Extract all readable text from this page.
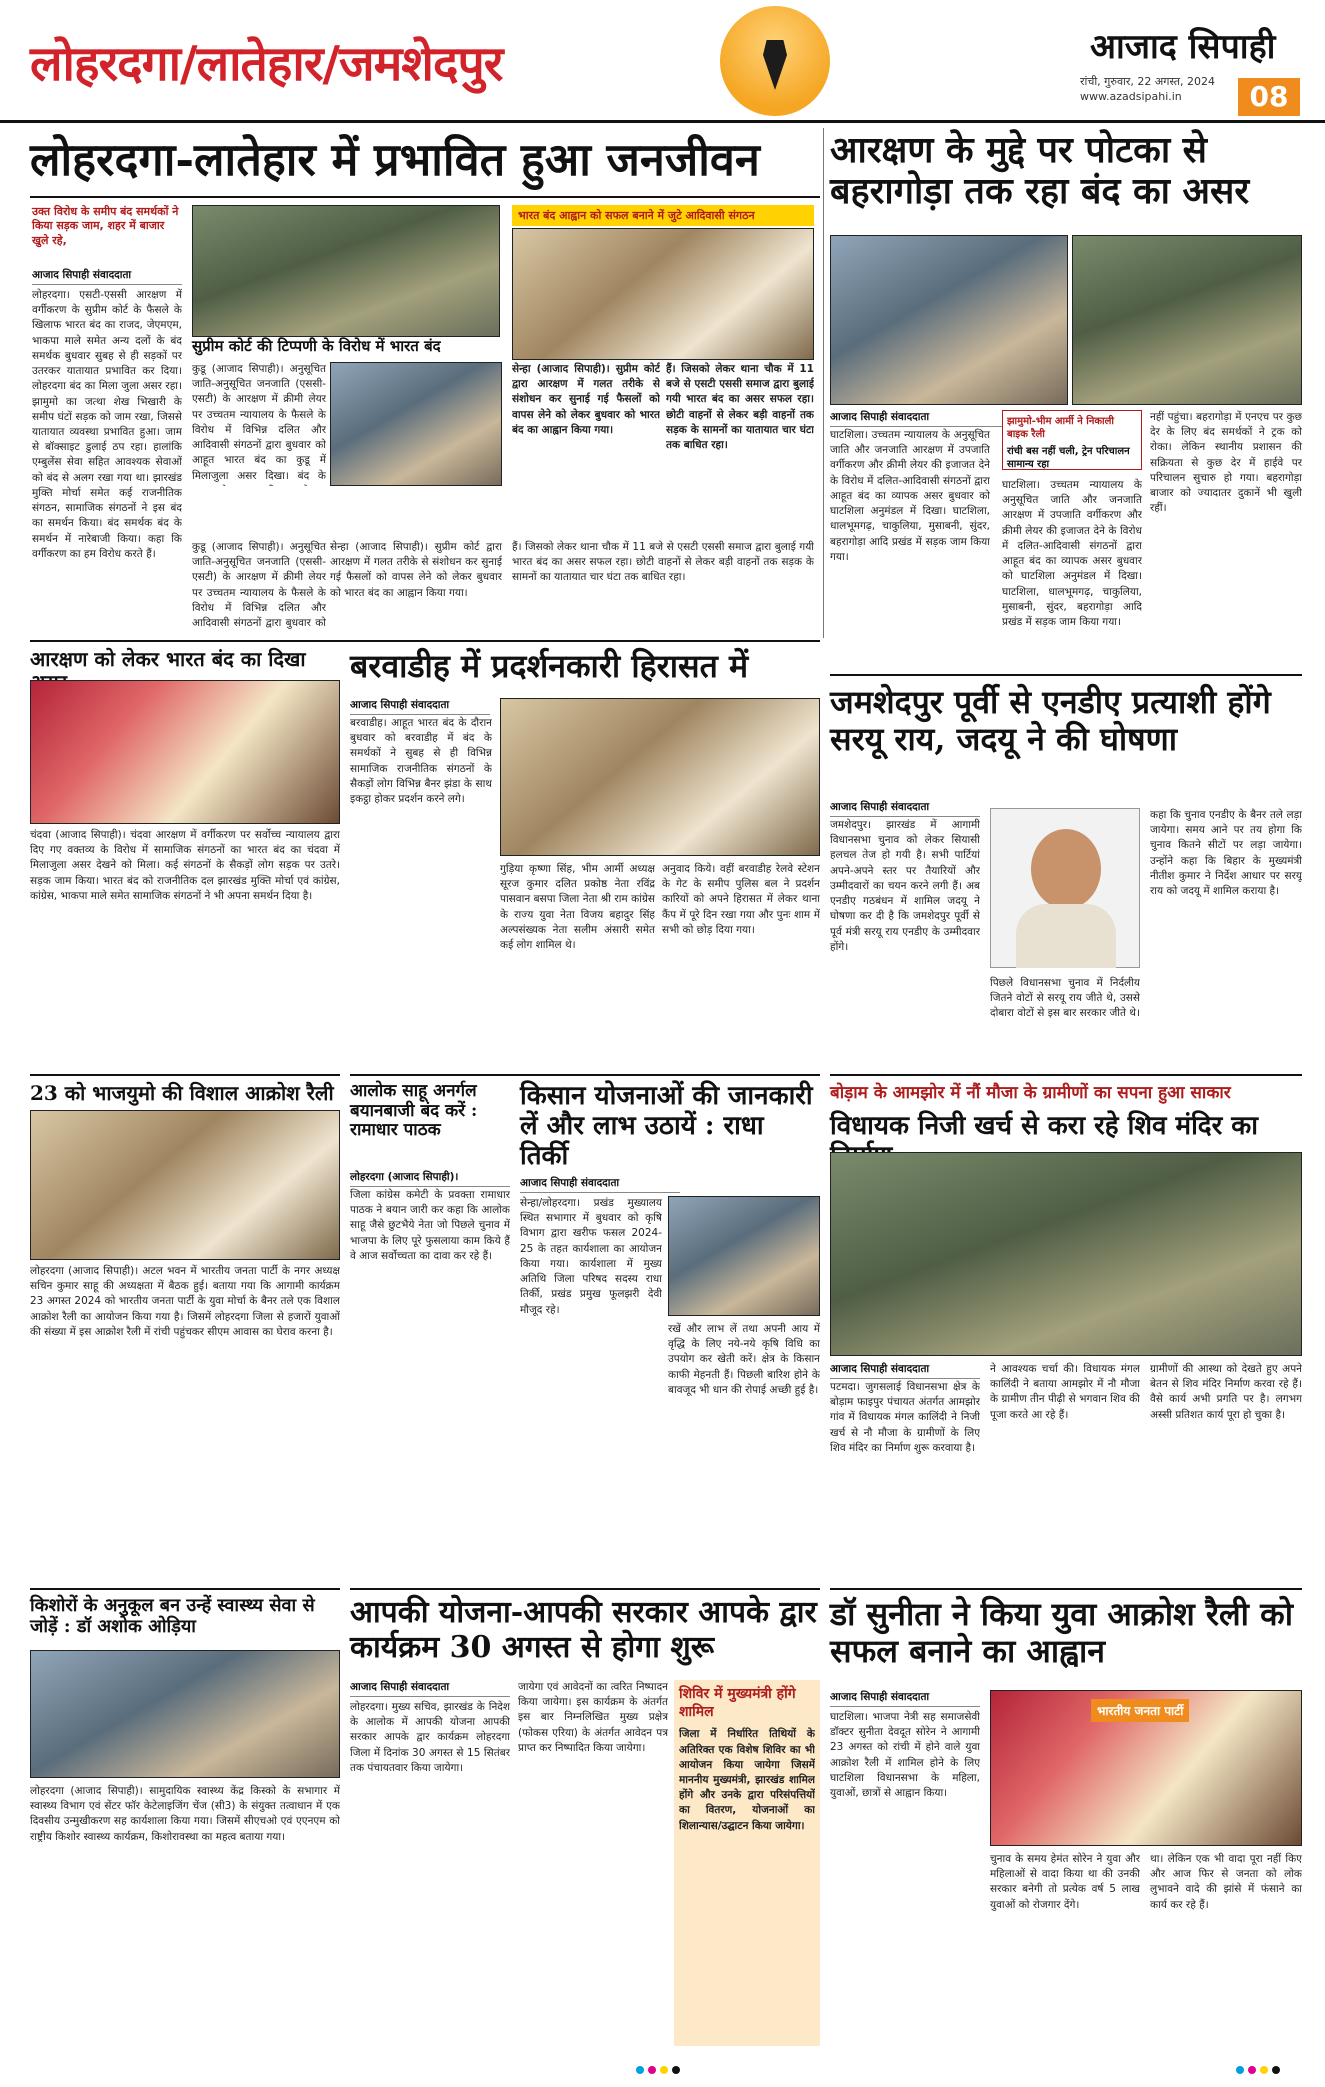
लोहरदगा/लातेहार/जमशेदपुर	आजाद सिपाही
रांची, गुरुवार, 22 अगस्त, 2024
www.azadsipahi.in	08
लोहरदगा-लातेहार में प्रभावित हुआ जनजीवन
उक्त विरोध के समीप बंद समर्थकों ने किया सड़क जाम, शहर में बाजार खुले रहे,
आजाद सिपाही संवाददाता
लोहरदगा। एसटी-एससी आरक्षण में वर्गीकरण के सुप्रीम कोर्ट के फैसले के खिलाफ भारत बंद का राजद, जेएमएम, भाकपा माले समेत अन्य दलों के बंद समर्थक बुधवार सुबह से ही सड़कों पर उतरकर यातायात प्रभावित कर दिया। लोहरदगा बंद का मिला जुला असर रहा। झामुमो का जत्था शेख भिखारी के समीप घंटों सड़क को जाम रखा, जिससे यातायात व्यवस्था प्रभावित हुआ। जाम से बॉक्साइट डुलाई ठप रहा। हालांकि एम्बुलेंस सेवा सहित आवश्यक सेवाओं को बंद से अलग रखा गया था। झारखंड मुक्ति मोर्चा समेत कई राजनीतिक संगठन, सामाजिक संगठनों ने इस बंद का समर्थन किया। बंद समर्थक बंद के समर्थन में नारेबाजी किया। कहा कि वर्गीकरण का हम विरोध करते हैं।
सुप्रीम कोर्ट की टिप्पणी के विरोध में भारत बंद
कुडू (आजाद सिपाही)। अनुसूचित जाति-अनुसूचित जनजाति (एससी-एसटी) के आरक्षण में क्रीमी लेयर पर उच्चतम न्यायालय के फैसले के विरोध में विभिन्न दलित और आदिवासी संगठनों द्वारा बुधवार को आहूत भारत बंद का कुडू में मिलाजुला असर दिखा। बंद के
कुडू (आजाद सिपाही)। अनुसूचित जाति-अनुसूचित जनजाति (एससी-एसटी) के आरक्षण में क्रीमी लेयर पर उच्चतम न्यायालय के फैसले के विरोध में विभिन्न दलित और आदिवासी संगठनों द्वारा बुधवार को
सेन्हा (आजाद सिपाही)। सुप्रीम कोर्ट द्वारा आरक्षण में गलत तरीके से संशोधन कर सुनाई गई फैसलों को वापस लेने को लेकर बुधवार को भारत बंद का आह्वान किया गया।
भारत बंद आह्वान को सफल बनाने में जुटे आदिवासी संगठन
सेन्हा (आजाद सिपाही)। सुप्रीम कोर्ट द्वारा आरक्षण में गलत तरीके से संशोधन कर सुनाई गई फैसलों को वापस लेने को लेकर बुधवार को भारत बंद का आह्वान किया गया।
हैं। जिसको लेकर थाना चौक में 11 बजे से एसटी एससी समाज द्वारा बुलाई गयी भारत बंद का असर सफल रहा। छोटी वाहनों से लेकर बड़ी वाहनों तक सड़क के सामनों का यातायात चार घंटा तक बाधित रहा।
हैं। जिसको लेकर थाना चौक में 11 बजे से एसटी एससी समाज द्वारा बुलाई गयी भारत बंद का असर सफल रहा। छोटी वाहनों से लेकर बड़ी वाहनों तक सड़क के सामनों का यातायात चार घंटा तक बाधित रहा।
आरक्षण के मुद्दे पर पोटका से बहरागोड़ा तक रहा बंद का असर
आजाद सिपाही संवाददाता
घाटशिला। उच्चतम न्यायालय के अनुसूचित जाति और जनजाति आरक्षण में उपजाति वर्गीकरण और क्रीमी लेयर की इजाजत देने के विरोध में दलित-आदिवासी संगठनों द्वारा आहूत बंद का व्यापक असर बुधवार को घाटशिला अनुमंडल में दिखा। घाटशिला, धालभूमगढ़, चाकुलिया, मुसाबनी, सुंदर, बहरागोड़ा आदि प्रखंड में सड़क जाम किया गया।
झामुमो-भीम आर्मी ने निकाली बाइक रैली
रांची बस नहीं चली, ट्रेन परिचालन सामान्य रहा
घाटशिला। उच्चतम न्यायालय के अनुसूचित जाति और जनजाति आरक्षण में उपजाति वर्गीकरण और क्रीमी लेयर की इजाजत देने के विरोध में दलित-आदिवासी संगठनों द्वारा आहूत बंद का व्यापक असर बुधवार को घाटशिला अनुमंडल में दिखा। घाटशिला, धालभूमगढ़, चाकुलिया, मुसाबनी, सुंदर, बहरागोड़ा आदि प्रखंड में सड़क जाम किया गया।
नहीं पहुंचा। बहरागोड़ा में एनएच पर कुछ देर के लिए बंद समर्थकों ने ट्रक को रोका। लेकिन स्थानीय प्रशासन की सक्रियता से कुछ देर में हाईवे पर परिचालन सुचारु हो गया। बहरागोड़ा बाजार को ज्यादातर दुकानें भी खुली रहीं।
आरक्षण को लेकर भारत बंद का दिखा
चंदवा (आजाद सिपाही)। चंदवा आरक्षण में वर्गीकरण पर सर्वोच्च न्यायालय द्वारा दिए गए वक्तव्य के विरोध में सामाजिक संगठनों का भारत बंद का चंदवा में मिलाजुला असर देखने को मिला। कई संगठनों के सैकड़ों लोग सड़क पर उतरे। सड़क जाम किया। भारत बंद को राजनीतिक दल झारखंड मुक्ति मोर्चा एवं कांग्रेस, कांग्रेस, भाकपा माले समेत सामाजिक संगठनों ने भी अपना समर्थन दिया है।
बरवाडीह में प्रदर्शनकारी हिरासत में
आजाद सिपाही संवाददाता
बरवाडीह। आहूत भारत बंद के दौरान बुधवार को बरवाडीह में बंद के समर्थकों ने सुबह से ही विभिन्न सामाजिक राजनीतिक संगठनों के सैकड़ों लोग विभिन्न बैनर झंडा के साथ इकट्ठा होकर प्रदर्शन करने लगे।
गुड़िया कृष्णा सिंह, भीम आर्मी अध्यक्ष सूरज कुमार दलित प्रकोष्ठ नेता रविंद्र पासवान बसपा जिला नेता श्री राम कांग्रेस के राज्य युवा नेता विजय बहादुर सिंह अल्पसंख्यक नेता सलीम अंसारी समेत कई लोग शामिल थे।
अनुवाद किये। वहीं बरवाडीह रेलवे स्टेशन के गेट के समीप पुलिस बल ने प्रदर्शन कारियों को अपने हिरासत में लेकर थाना कैंप में पूरे दिन रखा गया और पुनः शाम में सभी को छोड़ दिया गया।
जमशेदपुर पूर्वी से एनडीए प्रत्याशी होंगे सरयू राय, जदयू ने की घोषणा
आजाद सिपाही संवाददाता
जमशेदपुर। झारखंड में आगामी विधानसभा चुनाव को लेकर सियासी हलचल तेज हो गयी है। सभी पार्टियां अपने-अपने स्तर पर तैयारियों और उम्मीदवारों का चयन करने लगी हैं। अब एनडीए गठबंधन में शामिल जदयू ने घोषणा कर दी है कि जमशेदपुर पूर्वी से पूर्व मंत्री सरयू राय एनडीए के उम्मीदवार होंगे।
पिछले विधानसभा चुनाव में निर्दलीय जितने वोटों से सरयू राय जीते थे, उससे दोबारा वोटों से इस बार सरकार जीते थे।
कहा कि चुनाव एनडीए के बैनर तले लड़ा जायेगा। समय आने पर तय होगा कि चुनाव कितने सीटों पर लड़ा जायेगा। उन्होंने कहा कि बिहार के मुख्यमंत्री नीतीश कुमार ने निर्देश आधार पर सरयू राय को जदयू में शामिल कराया है।
23 को भाजयुमो की विशाल आक्रोश रैली
लोहरदगा (आजाद सिपाही)। अटल भवन में भारतीय जनता पार्टी के नगर अध्यक्ष सचिन कुमार साहू की अध्यक्षता में बैठक हुई। बताया गया कि आगामी कार्यक्रम 23 अगस्त 2024 को भारतीय जनता पार्टी के युवा मोर्चा के बैनर तले एक विशाल आक्रोश रैली का आयोजन किया गया है। जिसमें लोहरदगा जिला से हजारों युवाओं की संख्या में इस आक्रोश रैली में रांची पहुंचकर सीएम आवास का घेराव करना है।
आलोक साहू अनर्गल बयानबाजी बंद करें : रामाधार पाठक
लोहरदगा (आजाद सिपाही)।
जिला कांग्रेस कमेटी के प्रवक्ता रामाधार पाठक ने बयान जारी कर कहा कि आलोक साहू जैसे छुटभैये नेता जो पिछले चुनाव में भाजपा के लिए पूरे फुसलाया काम किये हैं वे आज सर्वोच्चता का दावा कर रहे हैं।
किसान योजनाओं की जानकारी लें और लाभ उठायें : राधा तिर्की
आजाद सिपाही संवाददाता
सेन्हा/लोहरदगा। प्रखंड मुख्यालय स्थित सभागार में बुधवार को कृषि विभाग द्वारा खरीफ फसल 2024-25 के तहत कार्यशाला का आयोजन किया गया। कार्यशाला में मुख्य अतिथि जिला परिषद सदस्य राधा तिर्की, प्रखंड प्रमुख फूलझरी देवी मौजूद रहे।
रखें और लाभ लें तथा अपनी आय में वृद्धि के लिए नये-नये कृषि विधि का उपयोग कर खेती करें। क्षेत्र के किसान काफी मेहनती हैं। पिछली बारिश होने के बावजूद भी धान की रोपाई अच्छी हुई है।
बोड़ाम के आमझोर में नौं मौजा के ग्रामीणों का सपना हुआ साकार
विधायक निजी खर्च से करा रहे शिव मंदिर का
आजाद सिपाही संवाददाता
पटमदा। जुगसलाई विधानसभा क्षेत्र के बोड़ाम फाइपुर पंचायत अंतर्गत आमझोर गांव में विधायक मंगल कालिंदी ने निजी खर्च से नौ मौजा के ग्रामीणों के लिए शिव मंदिर का निर्माण शुरू करवाया है।
ने आवश्यक चर्चा की। विधायक मंगल कालिंदी ने बताया आमझोर में नौ मौजा के ग्रामीण तीन पीढ़ी से भगवान शिव की पूजा करते आ रहे हैं।
ग्रामीणों की आस्था को देखते हुए अपने बेतन से शिव मंदिर निर्माण करवा रहे हैं। वैसे कार्य अभी प्रगति पर है। लगभग अस्सी प्रतिशत कार्य पूरा हो चुका है।
किशोरों के अनुकूल बन उन्हें स्वास्थ्य सेवा से जोड़ें : डॉ अशोक ओड़िया
लोहरदगा (आजाद सिपाही)। सामुदायिक स्वास्थ्य केंद्र किस्को के सभागार में स्वास्थ्य विभाग एवं सेंटर फॉर केटेलाइजिंग चेंज (सी3) के संयुक्त तत्वाधान में एक दिवसीय उन्मुखीकरण सह कार्यशाला किया गया। जिसमें सीएचओ एवं एएनएम को राष्ट्रीय किशोर स्वास्थ्य कार्यक्रम, किशोरावस्था का महत्व बताया गया।
आपकी योजना-आपकी सरकार आपके द्वार कार्यक्रम 30 अगस्त से होगा शुरू
आजाद सिपाही संवाददाता
लोहरदगा। मुख्य सचिव, झारखंड के निदेश के आलोक में आपकी योजना आपकी सरकार आपके द्वार कार्यक्रम लोहरदगा जिला में दिनांक 30 अगस्त से 15 सितंबर तक पंचायतवार किया जायेगा।
जायेगा एवं आवेदनों का त्वरित निष्पादन किया जायेगा। इस कार्यक्रम के अंतर्गत इस बार निम्नलिखित मुख्य प्रक्षेत्र (फोकस एरिया) के अंतर्गत आवेदन पत्र प्राप्त कर निष्पादित किया जायेगा।
शिविर में मुख्यमंत्री होंगे शामिल
जिला में निर्धारित तिथियों के अतिरिक्त एक विशेष शिविर का भी आयोजन किया जायेगा जिसमें माननीय मुख्यमंत्री, झारखंड शामिल होंगे और उनके द्वारा परिसंपत्तियों का वितरण, योजनाओं का शिलान्यास/उद्घाटन किया जायेगा।
डॉ सुनीता ने किया युवा आक्रोश रैली को सफल बनाने का आह्वान
आजाद सिपाही संवाददाता
घाटशिला। भाजपा नेत्री सह समाजसेवी डॉक्टर सुनीता देवदूत सोरेन ने आगामी 23 अगस्त को रांची में होने वाले युवा आक्रोश रैली में शामिल होने के लिए घाटशिला विधानसभा के महिला, युवाओं, छात्रों से आह्वान किया।
भारतीय जनता पार्टी
चुनाव के समय हेमंत सोरेन ने युवा और महिलाओं से वादा किया था की उनकी सरकार बनेगी तो प्रत्येक वर्ष 5 लाख युवाओं को रोजगार देंगे।
था। लेकिन एक भी वादा पूरा नहीं किए और आज फिर से जनता को लोक लुभावने वादे की झांसे में फंसाने का कार्य कर रहे हैं।
